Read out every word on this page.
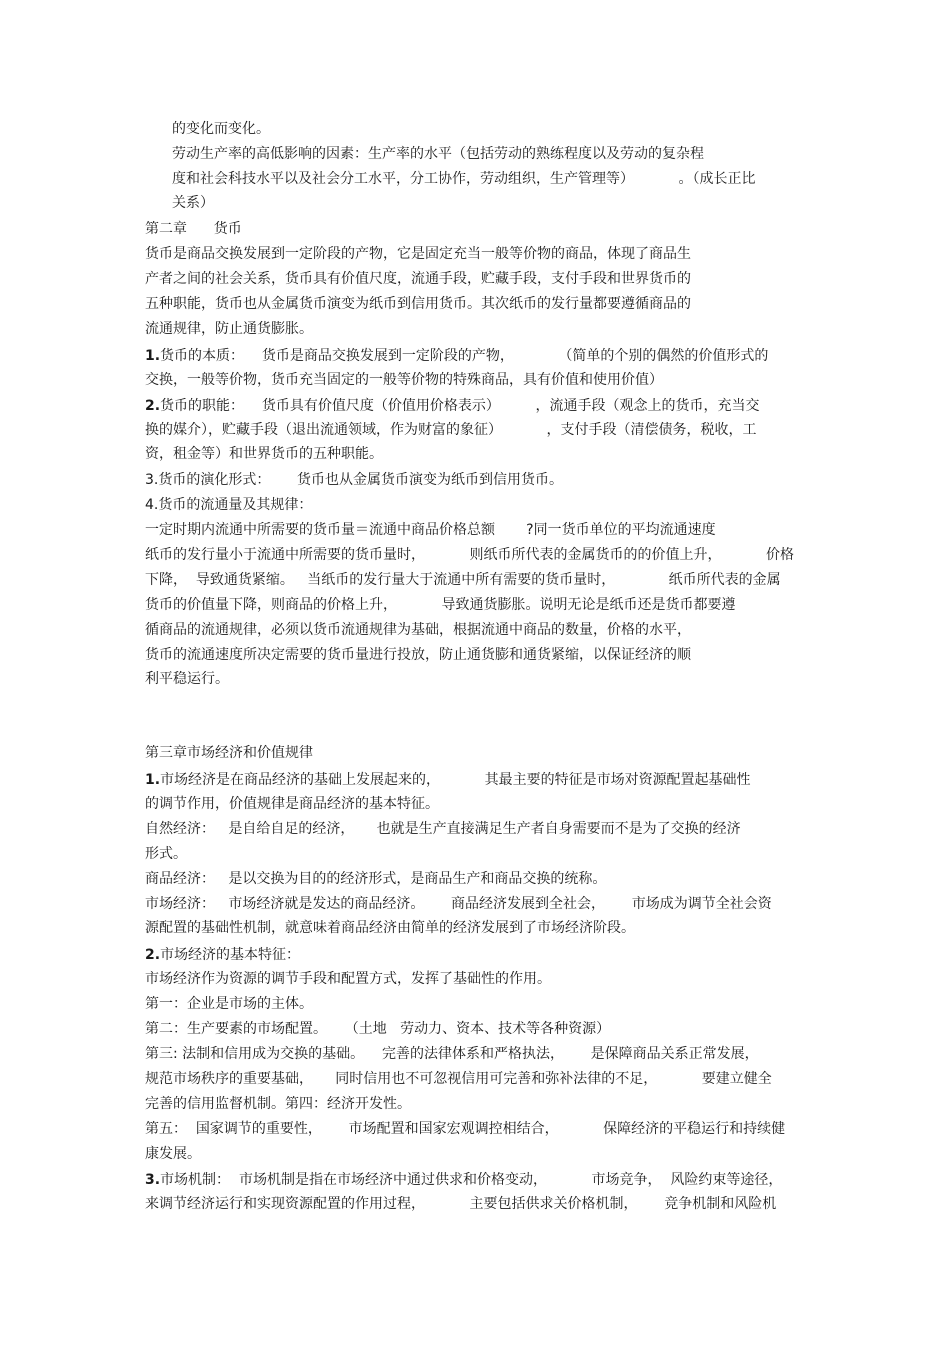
的变化而变化。
劳动生产率的高低影响的因素：生产率的水平（包括劳动的熟练程度以及劳动的复杂程
度和社会科技水平以及社会分工水平，分工协作，劳动组织，生产管理等）          。（成长正比
关系）
第二章      货币
货币是商品交换发展到一定阶段的产物，它是固定充当一般等价物的商品，体现了商品生
产者之间的社会关系，货币具有价值尺度，流通手段，贮藏手段，支付手段和世界货币的
五种职能，货币也从金属货币演变为纸币到信用货币。其次纸币的发行量都要遵循商品的
流通规律，防止通货膨胀。
1.货币的本质：    货币是商品交换发展到一定阶段的产物，          （简单的个别的偶然的价值形式的
交换，一般等价物，货币充当固定的一般等价物的特殊商品，具有价值和使用价值）
2.货币的职能：    货币具有价值尺度（价值用价格表示）        ，流通手段（观念上的货币，充当交
换的媒介），贮藏手段（退出流通领域，作为财富的象征）          ，支付手段（清偿债务，税收，工
资，租金等）和世界货币的五种职能。
3.货币的演化形式：      货币也从金属货币演变为纸币到信用货币。
4.货币的流通量及其规律：
一定时期内流通中所需要的货币量＝流通中商品价格总额       ?同一货币单位的平均流通速度
纸币的发行量小于流通中所需要的货币量时，          则纸币所代表的金属货币的的价值上升，          价格
下降，  导致通货紧缩。   当纸币的发行量大于流通中所有需要的货币量时，            纸币所代表的金属
货币的价值量下降，则商品的价格上升，          导致通货膨胀。说明无论是纸币还是货币都要遵
循商品的流通规律，必须以货币流通规律为基础，根据流通中商品的数量，价格的水平，
货币的流通速度所决定需要的货币量进行投放，防止通货膨和通货紧缩，以保证经济的顺
利平稳运行。
第三章市场经济和价值规律
1.市场经济是在商品经济的基础上发展起来的，          其最主要的特征是市场对资源配置起基础性
的调节作用，价值规律是商品经济的基本特征。
自然经济：   是自给自足的经济，     也就是生产直接满足生产者自身需要而不是为了交换的经济
形式。
商品经济：   是以交换为目的的经济形式，是商品生产和商品交换的统称。
市场经济：   市场经济就是发达的商品经济。      商品经济发展到全社会，      市场成为调节全社会资
源配置的基础性机制，就意味着商品经济由简单的经济发展到了市场经济阶段。
2.市场经济的基本特征：
市场经济作为资源的调节手段和配置方式，发挥了基础性的作用。
第一：企业是市场的主体。
第二：生产要素的市场配置。    （土地   劳动力、资本、技术等各种资源）
第三: 法制和信用成为交换的基础。    完善的法律体系和严格执法，      是保障商品关系正常发展，
规范市场秩序的重要基础，     同时信用也不可忽视信用可完善和弥补法律的不足，          要建立健全
完善的信用监督机制。第四：经济开发性。
第五：  国家调节的重要性，      市场配置和国家宏观调控相结合，          保障经济的平稳运行和持续健
康发展。
3.市场机制：  市场机制是指在市场经济中通过供求和价格变动，          市场竞争，  风险约束等途径，
来调节经济运行和实现资源配置的作用过程，          主要包括供求关价格机制，      竞争机制和风险机
